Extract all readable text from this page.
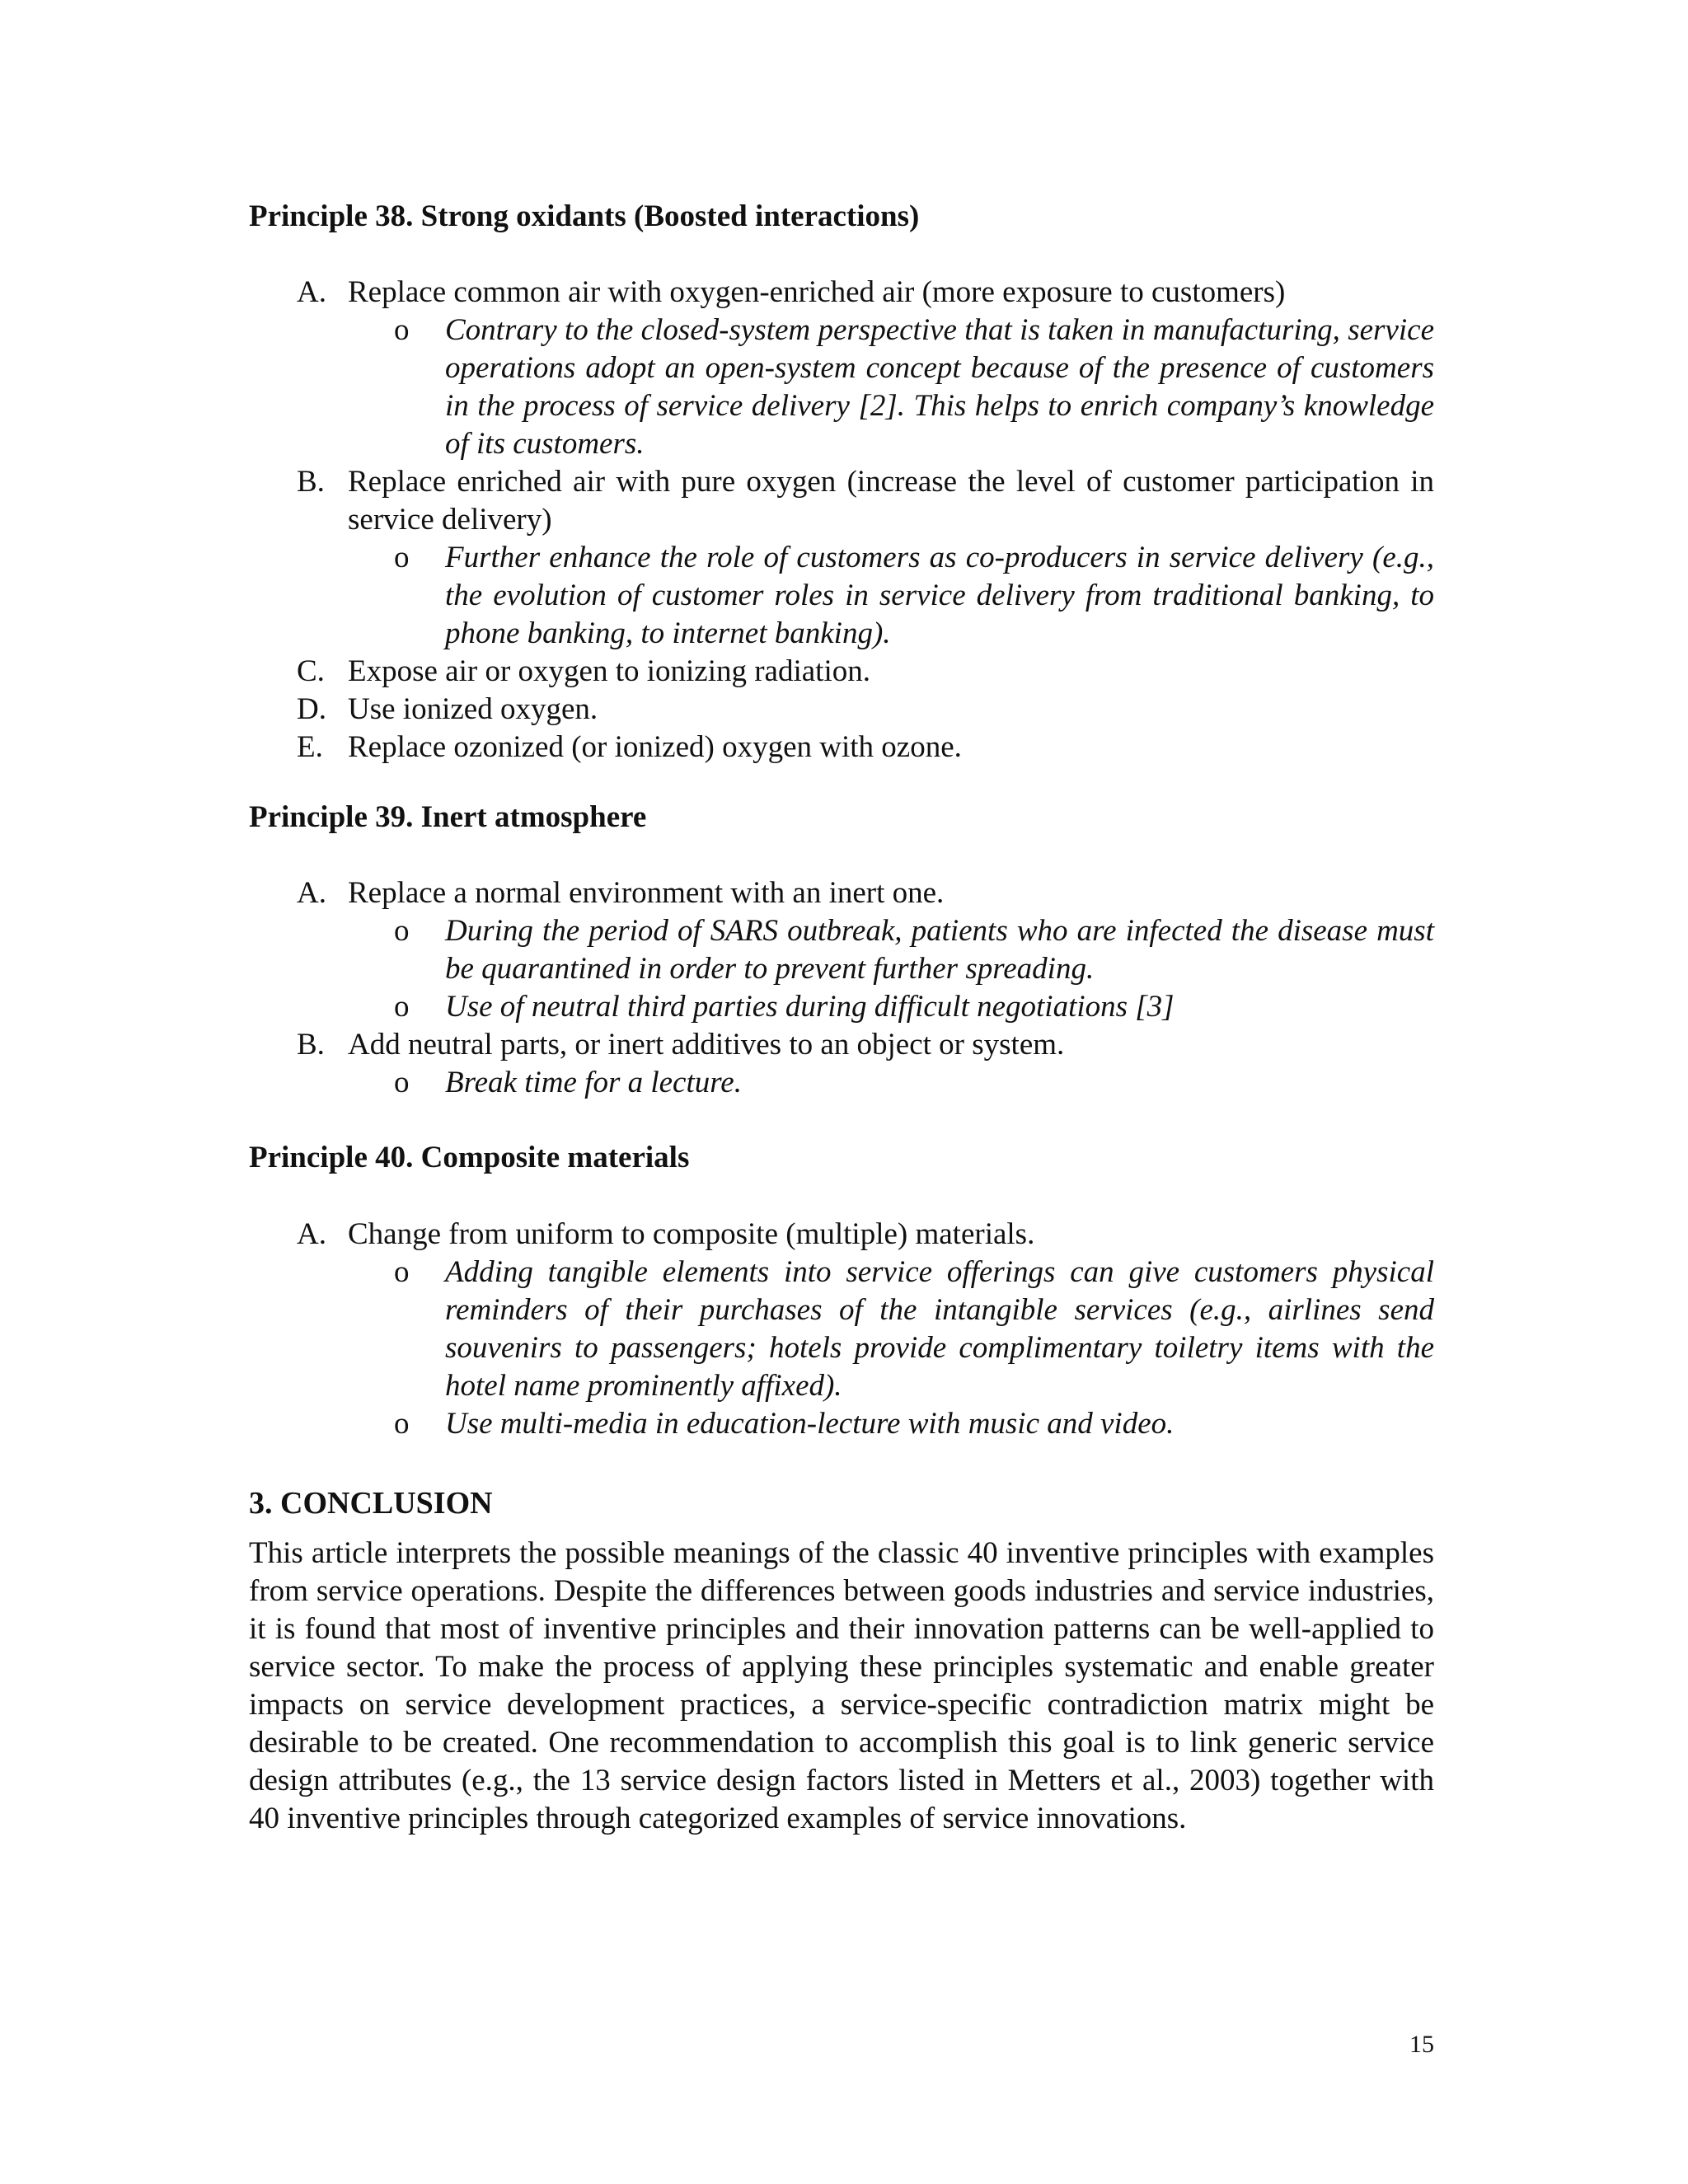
Principle 38. Strong oxidants (Boosted interactions)
A. Replace common air with oxygen-enriched air (more exposure to customers)
o Contrary to the closed-system perspective that is taken in manufacturing, service operations adopt an open-system concept because of the presence of customers in the process of service delivery [2]. This helps to enrich company’s knowledge of its customers.
B. Replace enriched air with pure oxygen (increase the level of customer participation in service delivery)
o Further enhance the role of customers as co-producers in service delivery (e.g., the evolution of customer roles in service delivery from traditional banking, to phone banking, to internet banking).
C. Expose air or oxygen to ionizing radiation.
D. Use ionized oxygen.
E. Replace ozonized (or ionized) oxygen with ozone.
Principle 39. Inert atmosphere
A. Replace a normal environment with an inert one.
o During the period of SARS outbreak, patients who are infected the disease must be quarantined in order to prevent further spreading.
o Use of neutral third parties during difficult negotiations [3]
B. Add neutral parts, or inert additives to an object or system.
o Break time for a lecture.
Principle 40. Composite materials
A. Change from uniform to composite (multiple) materials.
o Adding tangible elements into service offerings can give customers physical reminders of their purchases of the intangible services (e.g., airlines send souvenirs to passengers; hotels provide complimentary toiletry items with the hotel name prominently affixed).
o Use multi-media in education-lecture with music and video.
3. CONCLUSION

This article interprets the possible meanings of the classic 40 inventive principles with examples from service operations. Despite the differences between goods industries and service industries, it is found that most of inventive principles and their innovation patterns can be well-applied to service sector. To make the process of applying these principles systematic and enable greater impacts on service development practices, a service-specific contradiction matrix might be desirable to be created. One recommendation to accomplish this goal is to link generic service design attributes (e.g., the 13 service design factors listed in Metters et al., 2003) together with 40 inventive principles through categorized examples of service innovations.

15
